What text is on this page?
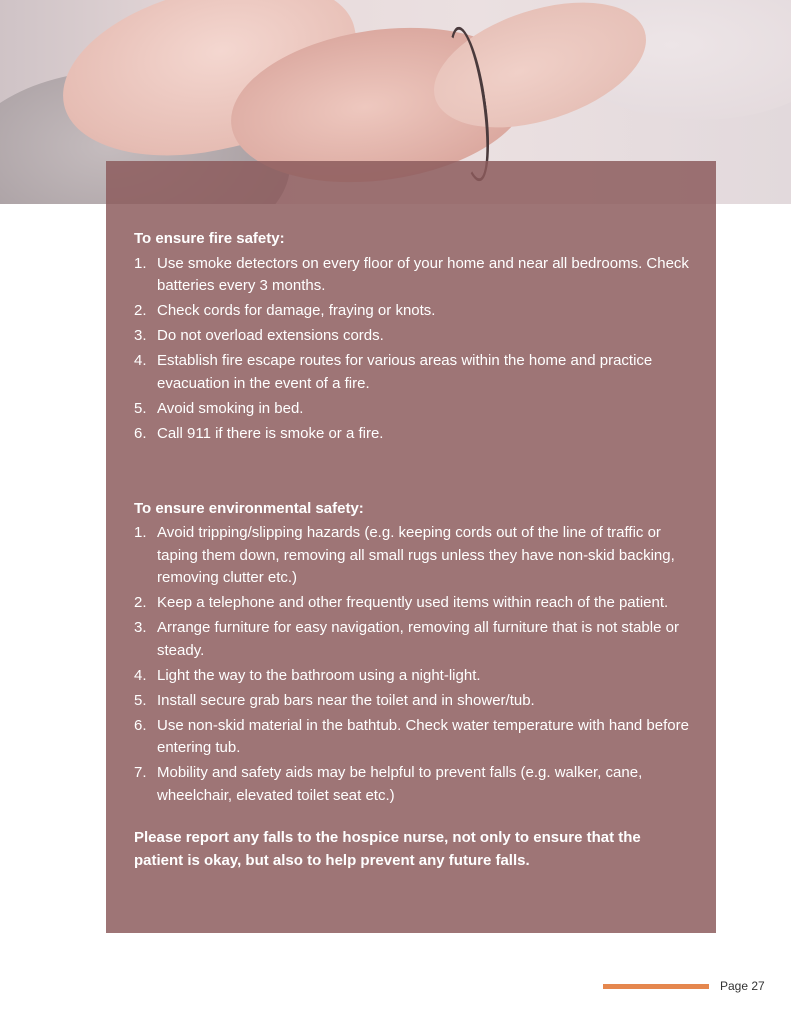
To ensure fire safety:
1. Use smoke detectors on every floor of your home and near all bedrooms. Check batteries every 3 months.
2. Check cords for damage, fraying or knots.
3. Do not overload extensions cords.
4. Establish fire escape routes for various areas within the home and practice evacuation in the event of a fire.
5. Avoid smoking in bed.
6. Call 911 if there is smoke or a fire.
To ensure environmental safety:
1. Avoid tripping/slipping hazards (e.g. keeping cords out of the line of traffic or taping them down, removing all small rugs unless they have non-skid backing, removing clutter etc.)
2. Keep a telephone and other frequently used items within reach of the patient.
3. Arrange furniture for easy navigation, removing all furniture that is not stable or steady.
4. Light the way to the bathroom using a night-light.
5. Install secure grab bars near the toilet and in shower/tub.
6. Use non-skid material in the bathtub. Check water temperature with hand before entering tub.
7. Mobility and safety aids may be helpful to prevent falls (e.g. walker, cane, wheelchair, elevated toilet seat etc.)
Please report any falls to the hospice nurse, not only to ensure that the patient is okay, but also to help prevent any future falls.
Page 27
